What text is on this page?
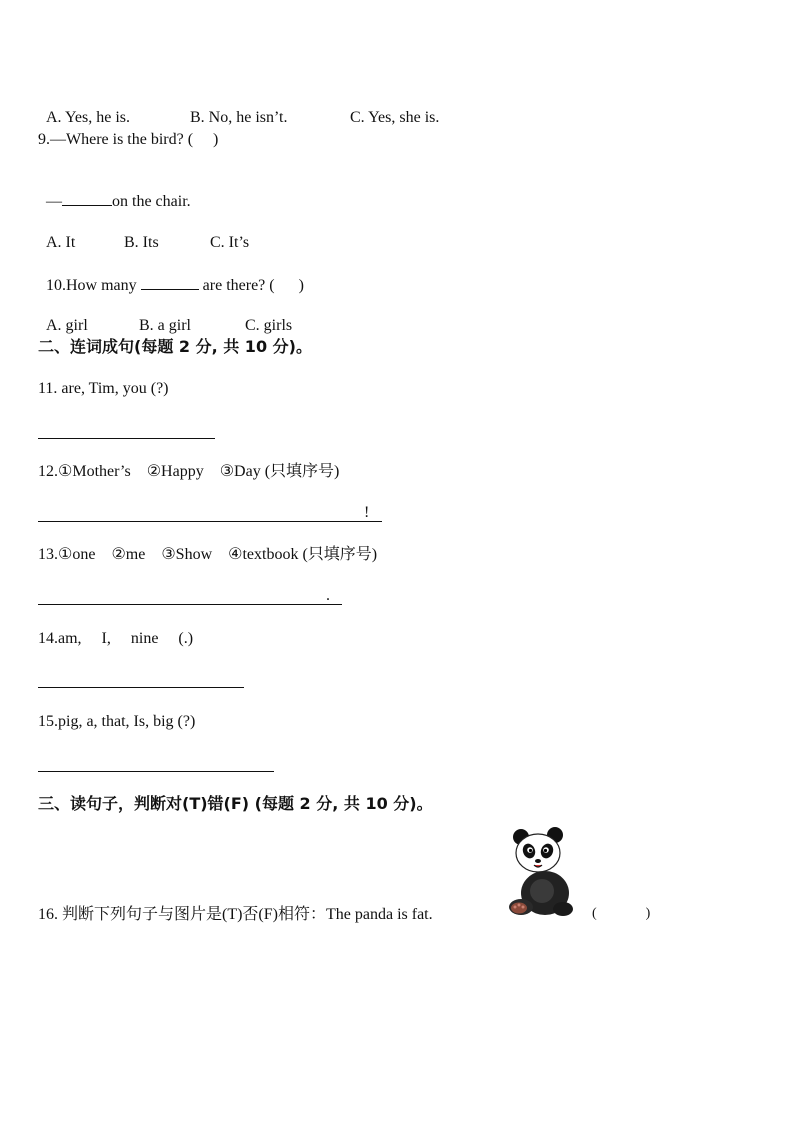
A. Yes, he is.	B. No, he isn’t.	C. Yes, she is.

9.—Where is the bird? (     )

—	on the chair.

A. It	B. Its	C. It’s

10.How many	are there? (      )

A. girl	B. a girl	C. girls

二、连词成句(每题 2 分, 共 10 分)。
11. are, Tim, you (?)
12.①Mother’s    ②Happy    ③Day (只填序号)
!
13.①one    ②me    ③Show    ④textbook (只填序号)
.
14.am,     I,     nine     (.)
15.pig, a, that, Is, big (?)
三、读句子，判断对(T)错(F) (每题 2 分, 共 10 分)。
16. 判断下列句子与图片是(T)否(F)相符：The panda is fat.	(              )
